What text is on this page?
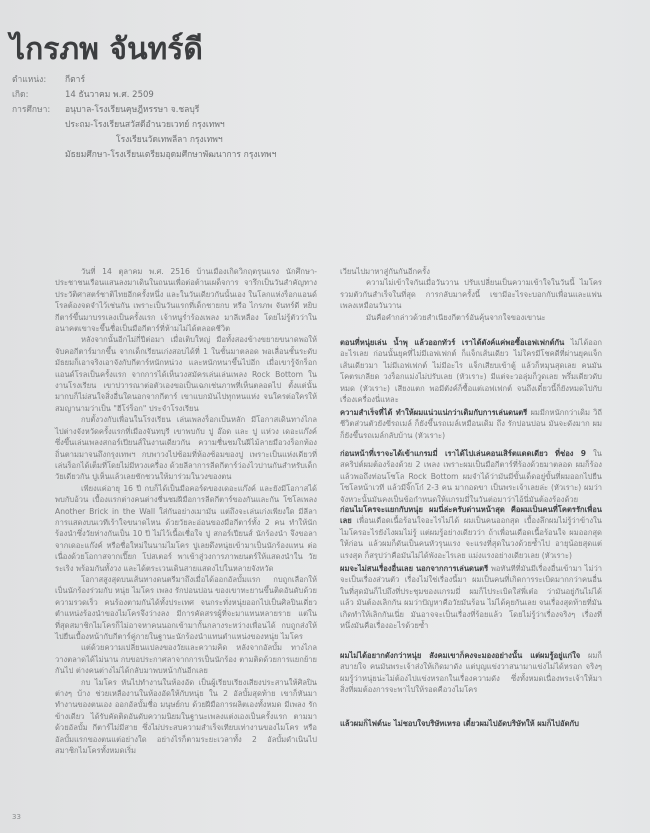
ไกรภพ จันทร์ดี
ตำแหน่ง: กีตาร์
เกิด:	14 ธันวาคม พ.ศ. 2509
การศึกษา: อนุบาล-โรงเรียนคุษฎีหรรษา จ.ชลบุรี
ประถม-โรงเรียนสวัสดีอำนวยเวทย์ กรุงเทพฯ
โรงเรียนวัดเทพลีลา กรุงเทพฯ
มัธยมศึกษา-โรงเรียนเตรียมอุดมศึกษาพัฒนาการ กรุงเทพฯ

วันที่ 14 ตุลาคม พ.ศ. 2516 บ้านเมืองเกิดวิกฤตรุนแรง นักศึกษา-ประชาชนเรือนแสนลงมาเดินในถนนเพื่อต่อต้านเผด็จการ จารึกเป็นวันสำคัญทางประวัติศาสตร์ชาติไทยอีกครั้งหนึ่ง และในวันเดียวกันนั้นเอง ในโลกแห่งร็อกแอนด์โรลต้องจดจำไว้เช่นกัน เพราะเป็นวันแรกที่เด็กชายกบ หรือ ไกรภพ จันทร์ดี หยิบกีตาร์ขึ้นมาบรรเลงเป็นครั้งแรก เจ้าหนูร่ำร้องเพลง มาลีเหลือง โดยไม่รู้ตัวว่าในอนาคตเขาจะขึ้นชื่อเป็นมือกีตาร์ที่ห้ามไม่ได้ตลอดชีวิต

หลังจากนั้นอีกไม่กี่ปีต่อมา เมื่อเติบใหญ่ มือทั้งสองข้างขยายขนาดพอให้จับคอกีตาร์มากขึ้น จากเด็กเรียนเก่งสอบได้ที่ 1 ในชั้นมาตลอด พอเลื่อนชั้นระดับมัธยมก็เอาจริงเอาจังกับกีตาร์หนักหน่วง และหนักหนาขึ้นไปอีก เมื่อเขารู้จักร็อกแอนด์โรลเป็นครั้งแรก จากการได้เห็นวงสมัครเล่นเล่นเพลง Rock Bottom ในงานโรงเรียน เขาปวารณาต่อตัวเองขอเป็นเฉกเช่นภาพที่เห็นตลอดไป ตั้งแต่นั้นมากบก็ไม่สนใจสิ่งอื่นใดนอกจากกีตาร์ เขาแบกมันไปทุกหนแห่ง จนใครต่อใครให้สมญานามว่าเป็น "ฮีโร่ร็อก" ประจำโรงเรียน

กบตั้งวงกับเพื่อนในโรงเรียน เล่นเพลงร็อกเป็นหลัก มีโอกาสเดินทางไกลไปต่างจังหวัดครั้งแรกที่เมืองจันทบุรี เขาพบกับ ปู อ๊อด และ ปู แห่วง เดอะแก๊งค์ ซึ่งขึ้นเล่นเพลงสกอร์เปียนส์ในงานเดียวกัน ความชื่นชมในฝีไม้ลายมือวงร็อกท้องถิ่นตามมาจนถึงกรุงเทพฯ กบพาวงไปซ้อมที่ห้องซ้อมของปู เพราะเป็นแห่งเดียวที่เล่นร็อกได้เต็มที่โดยไม่มีหวงเครื่อง ด้วยลีลาการลีดกีตาร์ว่องไวปานกันสำหรับเด็กวัยเดียวกัน ปูเห็นแล้วเลยชักชวนให้มาร่วมในวงของตน

เพียงแค่อายุ 16 ปี กบก็ได้เป็นมือคอร์ดของเดอะแก๊งค์ และยังมีโอกาสได้พบกับอ้วน เบื้องแรกต่างคนต่างชื่นชมฝีมือการลีดกีตาร์ของกันและกัน โซโลเพลง Another Brick in the Wall ใส่กันอย่างเมามัน แต่ถึงจะเล่นเก่งเพียงใด มีลีลาการแสดงบนเวทีเร้าใจขนาดไหน ด้วยวัยละอ่อนของมือกีตาร์ทั้ง 2 คน ทำให้นักร้องนำซึ่งวัยห่างกันเป็น 10 ปี ไม่ไว้เนื้อเชื่อใจ ปู สกอร์เปียนส์ นักร้องนำ จึงขอลาจากเดอะแก๊งค์ หรือชื่อใหม่ในนามไมโคร ปูเลยดึงหนุ่ยเข้ามาเป็นนักร้องแทน ต่อเนื่องด้วยโอกาสจากเปี๊ยก โปสเตอร์ พาเข้าสู่วงการภาพยนตร์ให้แสดงนำใน วัยระเริง พร้อมกันทั้งวง และได้ตระเวนเดินสายแสดงไปในหลายจังหวัด

โอกาสสูงสุดบนเส้นทางดนตรีมาถึงเมื่อได้ออกอัลบั้มแรก กบถูกเลือกให้เป็นนักร้องร่วมกับ หนุ่ย ไมโคร เพลง รักปอนปอน ของเขาทะยานขึ้นติดอันดับด้วยความรวดเร็ว คนร้องตามกันได้ทั้งประเทศ จนกระทั่งหนุ่ยออกไปเป็นศิลปินเดี่ยว ตำแหน่งร้องนำของไมโครจึงว่างลง มีการคัดสรรผู้ที่จะมาแทนหลายราย แต่ในที่สุดสมาชิกไมโครก็ไม่อาจหาคนนอกเข้ามากั้นกลางระหว่างเพื่อนได้ กบถูกส่งให้ไปยืนเบื้องหน้ากับกีตาร์คู่กายในฐานะนักร้องนำแทนตำแหน่งของหนุ่ย ไมโคร

แต่ด้วยความเปลี่ยนแปลงของวัยและความคิด หลังจากอัลบั้ม ทางไกล วางตลาดได้ไม่นาน กบขอประกาศลาจากการเป็นนักร้อง ตามติดด้วยการแยกย้ายกันไป ต่างคนต่างไม่ได้กลับมาพบหน้ากันอีกเลย

กบ ไมโคร หันไปทำงานในห้องอัด เป็นผู้เรียบเรียงเสียงประสานให้ศิลปินต่างๆ บ้าง ช่วยเหลืองานในห้องอัดให้กับหนุ่ย ใน 2 อัลบั้มสุดท้าย เขาก็หันมาทำงานของตนเอง ออกอัลบั้มชื่อ มนุษย์กบ ด้วยฝีมือการผลิตเองทั้งหมด มีเพลง รักข้างเดียว ได้รับคัดติดอันดับความนิยมในฐานะเพลงแต่งเองเป็นครั้งแรก ตามมาด้วยอัลบั้ม กีตาร์ไม่มีสาย ซึ่งไม่ประสบความสำเร็จเทียบเท่างานของไมโคร หรือ อัลบั้มแรกของตนแต่อย่างใด อย่างไรก็ตามระยะเวลาทั้ง 2 อัลบั้มดำเนินไป สมาชิกไมโครทั้งหมดเริ่ม

เวียนไปมาหาสู่กันกันอีกครั้ง

ความไม่เข้าใจกันเมื่อวันวาน ปรับเปลี่ยนเป็นความเข้าใจในวันนี้ ไมโครรวมตัวกันสำเร็จในที่สุด การกลับมาครั้งนี้ เขามีอะไรจะบอกกับเพื่อนและแฟนเพลงเหมือนวันวาน

มันคือคำกล่าวด้วยสำเนียงกีตาร์อันคุ้นจากใจของเขานะ

ตอนที่หนุ่ยเล่น น้ำพุ แล้วออกทัวร์ เราได้ตังค์แค่พอซื้อเอฟเฟกต์กัน ไม่ได้ออกอะไรเลย ก่อนนั้นยุคที่ไม่มีเอฟเฟกต์ ก็แจ็กเส้นเดียว ไม่ใครมีโชคดีที่ผ่านยุคแจ็กเส้นเดียวมา ไม่มีเอฟเฟกต์ ไม่มีอะไร แจ็กเสียบเข้าตู้ แล้วก็หมุนสุดเลย คนมันโคตรเกลียด วงร็อกแม่งไม่ปรับเลย (หัวเราะ) มีแต่จะวอลุ่มก็วูดเลย พรึ่มเดียวดับหมด (หัวเราะ) เสียงแตก พอมีตังค์ก็ซื้อแต่เอฟเฟกต์ จนถึงเดี๋ยวนี้ก็ยังหมดไปกับเรื่องเครื่องนี่แหละ
ความสำเร็จที่ได้ ทำให้ผมแน่วแน่กว่าเดิมกับการเล่นดนตรี ผมมีกหนักกว่าเดิม วิถีชีวิตส่วนตัวยังขี่รถเมล์ ก็ยังขึ้นรถเมล์เหมือนเดิม ถึง รักปอนปอน มันจะดังมาก ผมก็ยังขึ้นรถเมล์กลับบ้าน (หัวเราะ)
ก่อนหน้าที่เราจะได้เข้าแกรมมี่ เราได้ไปเล่นคอนเสิร์ตแดดเดียว ที่ช่อง 9 ในสคริปต์ผมต้องร้องด้วย 2 เพลง เพราะผมเป็นมือกีตาร์ที่ร้องด้วยมาตลอด ผมก็ร้องแล้วพอถึงท่อนโซโล Rock Bottom ผมจำได้ว่ามันมีขั้นเด็ดอยู่ขั้นที่ผมออกไปยืนโซโลหน้าเวที แล้วมีจิ๊กโก๋ 2-3 คน มากอดขา เป็นพระเจ้าเลยล่ะ (หัวเราะ) ผมว่าจังหวะนั้นมันคงเป็นข้อกำหนดให้แกรมมี่ในวันต่อมาว่าไอ้นี่มันต้องร้องด้วย
ก่อนไมโครจะแยกกับหนุ่ย ผมนี่ล่ะครับด่านหน้าสุด คือผมเป็นคนที่โคตรรักเพื่อนเลย เพื่อนเดือดเนื้อร้อนใจอะไรไม่ได้ ผมเป็นคนออกสุด เบื้องลึกผมไม่รู้ว่าข้างในไมโครอะไรยังไงผมไม่รู้ แต่ผมรู้อย่างเดียวว่า ถ้าเพื่อนเดือดเนื้อร้อนใจ ผมออกสุดให้ก่อน แล้วผมก็ดันเป็นคนหัวรุนแรง จะแรงที่สุดในวงด้วยซ้ำไป อายุน้อยสุดแต่แรงสุด ก็สรุปว่าคือมันไม่ได้พังอะไรเลย แม่งแรงอย่างเดียวเลย (หัวเราะ)
ผมจะไม่สนเรื่องอื่นเลย นอกจากการเล่นดนตรี พอทันทีที่มันมีเรื่องอื่นเข้ามา ไม่ว่าจะเป็นเรื่องส่วนตัว เรื่องไม่ใช่เรื่องนี้มา ผมเป็นคนที่เกิดการระเบิดมากกว่าคนอื่น ในที่สุดมันก็ไปถึงที่ประชุมของแกรมมี่ ผมก็ไประเบิดใส่พี่เต๋อ ว่ามันอยู่กันไม่ได้แล้ว มันต้องเลิกกัน ผมว่าปัญหาคือวัยมันร้อน ไม่ได้คุยกันเลย จนเรื่องสุดท้ายที่มันเกิดทำให้เลิกกันเนี่ย มันอาจจะเป็นเรื่องที่ร้อยแล้ว โดยไม่รู้ว่าเรื่องจริงๆ เรื่องที่หนึ่งมันคือเรื่องอะไรด้วยซ้ำ
ผมไม่ได้อยากดังกว่าหนุ่ย สังคมเขาก็คงจะมองอย่างนั้น แต่ผมรู้อยู่แก่ใจ ผมก็สบายใจ คนมันพระเจ้าส่งให้เกิดมาดัง แต่บุญแข่งวาสนามาแข่งไม่ได้หรอก จริงๆ ผมรู้ว่าหนุ่ยน่ะไม่ต้องไปแข่งหรอกในเรื่องความดัง ซึ่งทั้งหมดเนื่องพระเจ้าให้มา สิ่งที่ผมต้องการจะพาไปให้รอดคือวงไมโคร
แล้วผมก็ไฟต์นะ ไม่ชอบใจบริษัทเหรอ เดี๋ยวผมไปอัดบริษัทให้ ผมก็ไปอัดกับ
33
